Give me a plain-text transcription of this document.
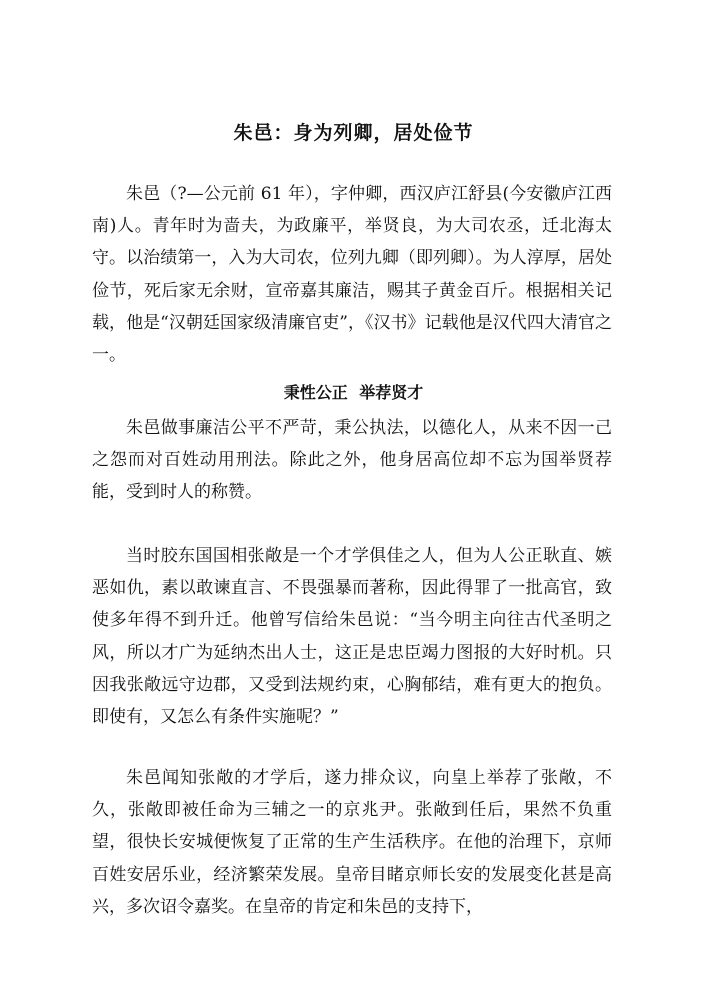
朱邑：身为列卿，居处俭节

朱邑（?—公元前 61 年），字仲卿，西汉庐江舒县(今安徽庐江西南)人。青年时为啬夫，为政廉平，举贤良，为大司农丞，迁北海太守。以治绩第一，入为大司农，位列九卿（即列卿）。为人淳厚，居处俭节，死后家无余财，宣帝嘉其廉洁，赐其子黄金百斤。根据相关记载，他是“汉朝廷国家级清廉官吏”，《汉书》记载他是汉代四大清官之一。

秉性公正 举荐贤才

朱邑做事廉洁公平不严苛，秉公执法，以德化人，从来不因一己之怨而对百姓动用刑法。除此之外，他身居高位却不忘为国举贤荐能，受到时人的称赞。

当时胶东国国相张敞是一个才学俱佳之人，但为人公正耿直、嫉恶如仇，素以敢谏直言、不畏强暴而著称，因此得罪了一批高官，致使多年得不到升迁。他曾写信给朱邑说：“当今明主向往古代圣明之风，所以才广为延纳杰出人士，这正是忠臣竭力图报的大好时机。只因我张敞远守边郡，又受到法规约束，心胸郁结，难有更大的抱负。即使有，又怎么有条件实施呢？”

朱邑闻知张敞的才学后，遂力排众议，向皇上举荐了张敞，不久，张敞即被任命为三辅之一的京兆尹。张敞到任后，果然不负重望，很快长安城便恢复了正常的生产生活秩序。在他的治理下，京师百姓安居乐业，经济繁荣发展。皇帝目睹京师长安的发展变化甚是高兴，多次诏令嘉奖。在皇帝的肯定和朱邑的支持下，
